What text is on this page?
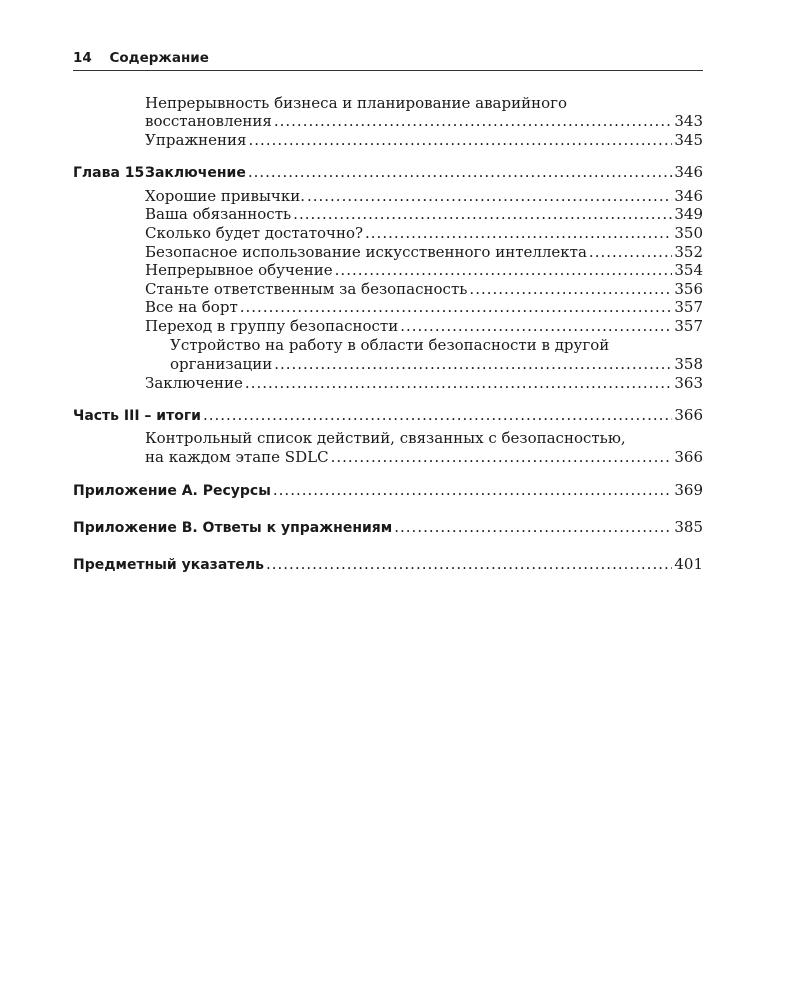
14 Содержание
Непрерывность бизнеса и планирование аварийного
восстановления .....	343
Упражнения .....	345
Глава 15Заключение .....	346
Хорошие привычки. .....	346
Ваша обязанность .....	349
Сколько будет достаточно? .....	350
Безопасное использование искусственного интеллекта .....	352
Непрерывное обучение .....	354
Станьте ответственным за безопасность .....	356
Все на борт .....	357
Переход в группу безопасности .....	357
Устройство на работу в области безопасности в другой
организации .....	358
Заключение .....	363
Часть III – итоги .....	366
Контрольный список действий, связанных с безопасностью,
на каждом этапе SDLC .....	366
Приложение А. Ресурсы .....	369
Приложение В. Ответы к упражнениям .....	385
Предметный указатель .....	401
